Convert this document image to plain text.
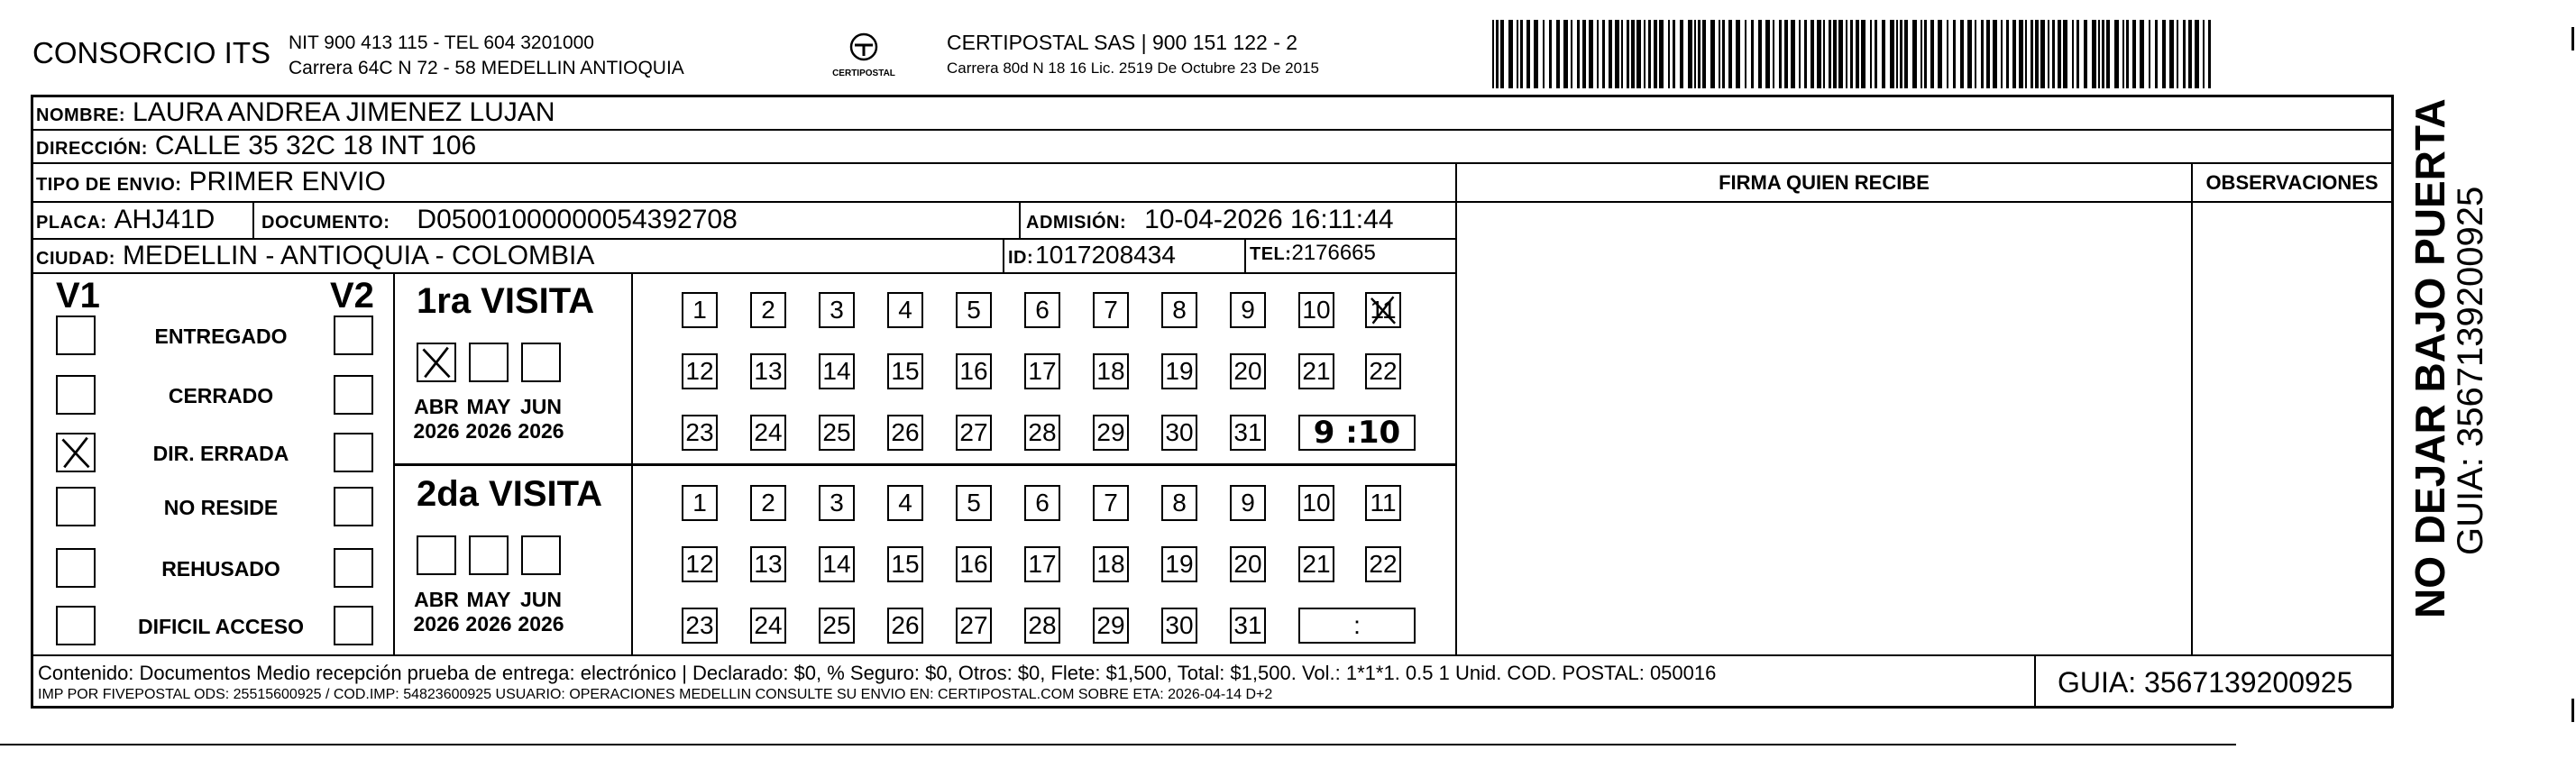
CONSORCIO ITS NIT 900 413 115 - TEL 604 3201000
Carrera 64C N 72 - 58 MEDELLIN ANTIOQUIA	CERTIPOSTAL
CERTIPOSTAL SAS | 900 151 122 - 2
Carrera 80d N 18 16 Lic. 2519 De Octubre 23 De 2015
NOMBRE: LAURA ANDREA JIMENEZ LUJAN
DIRECCIÓN: CALLE 35 32C 18 INT 106
TIPO DE ENVIO: PRIMER ENVIO
PLACA: AHJ41D	DOCUMENTO: D05001000000054392708	ADMISIÓN: 10-04-2026 16:11:44
CIUDAD: MEDELLIN - ANTIOQUIA - COLOMBIA	ID: 1017208434	TEL: 2176665
FIRMA QUIEN RECIBE	OBSERVACIONES
V1	V2
ENTREGADO
CERRADO
DIR. ERRADA
NO RESIDE
REHUSADO
DIFICIL ACCESO
1ra VISITA
ABR
2026
MAY
2026
JUN
2026
1 2 3 4 5 6 7 8 9 10 11
12 13 14 15 16 17 18 19 20 21 22
23 24 25 26 27 28 29 30 31 9 :10
2da VISITA
ABR
2026
MAY
2026
JUN
2026
1 2 3 4 5 6 7 8 9 10 11
12 13 14 15 16 17 18 19 20 21 22
23 24 25 26 27 28 29 30 31	:
Contenido: Documentos Medio recepción prueba de entrega: electrónico | Declarado: $0, % Seguro: $0, Otros: $0, Flete: $1,500, Total: $1,500. Vol.: 1*1*1. 0.5 1 Unid. COD. POSTAL: 050016
IMP POR FIVEPOSTAL ODS: 25515600925 / COD.IMP: 54823600925 USUARIO: OPERACIONES MEDELLIN CONSULTE SU ENVIO EN: CERTIPOSTAL.COM SOBRE ETA: 2026-04-14 D+2	GUIA: 3567139200925
NO DEJAR BAJO PUERTA
GUIA: 3567139200925
